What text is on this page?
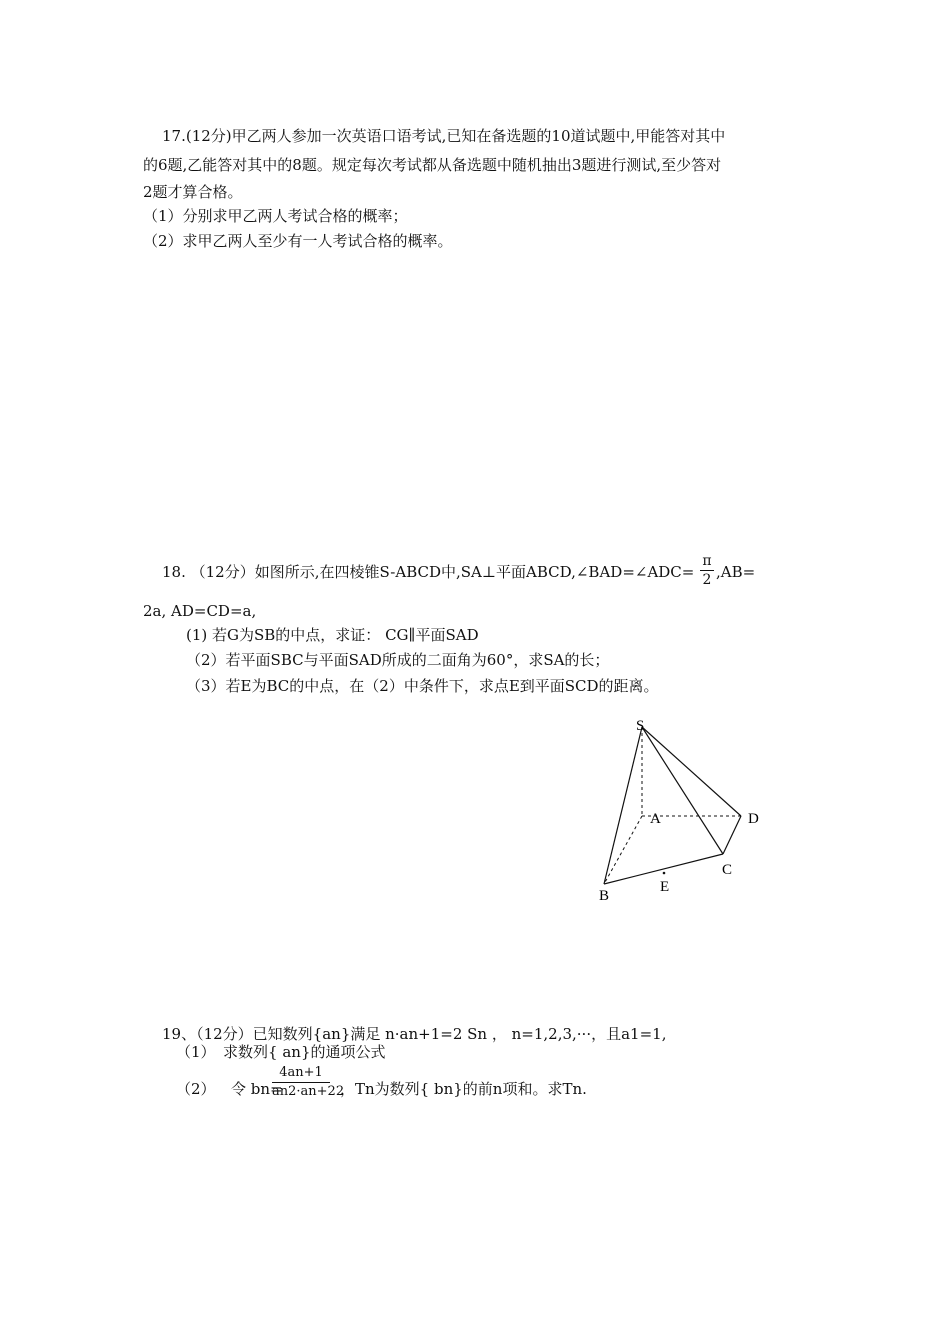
17.(12分)甲乙两人参加一次英语口语考试,已知在备选题的10道试题中,甲能答对其中
的6题,乙能答对其中的8题。规定每次考试都从备选题中随机抽出3题进行测试,至少答对
2题才算合格。
（1）分别求甲乙两人考试合格的概率；
（2）求甲乙两人至少有一人考试合格的概率。
18. （12分）如图所示,在四棱锥S-ABCD中,SA⊥平面ABCD,∠BAD=∠ADC=
π
2 ,AB=
2a, AD=CD=a,
(1) 若G为SB的中点，求证： CG∥平面SAD
（2）若平面SBC与平面SAD所成的二面角为60°，求SA的长；
（3）若E为BC的中点，在（2）中条件下，求点E到平面SCD的距离。
S
A	D
C
E
B
19、（12分）已知数列{an}满足 n·an+1=2 Sn ， n=1,2,3,···，且a1=1,
（1）　求数列{ an}的通项公式
（2） 令 bn=
4an+1
an2·an+22
，Tn为数列{ bn}的前n项和。求Tn.
